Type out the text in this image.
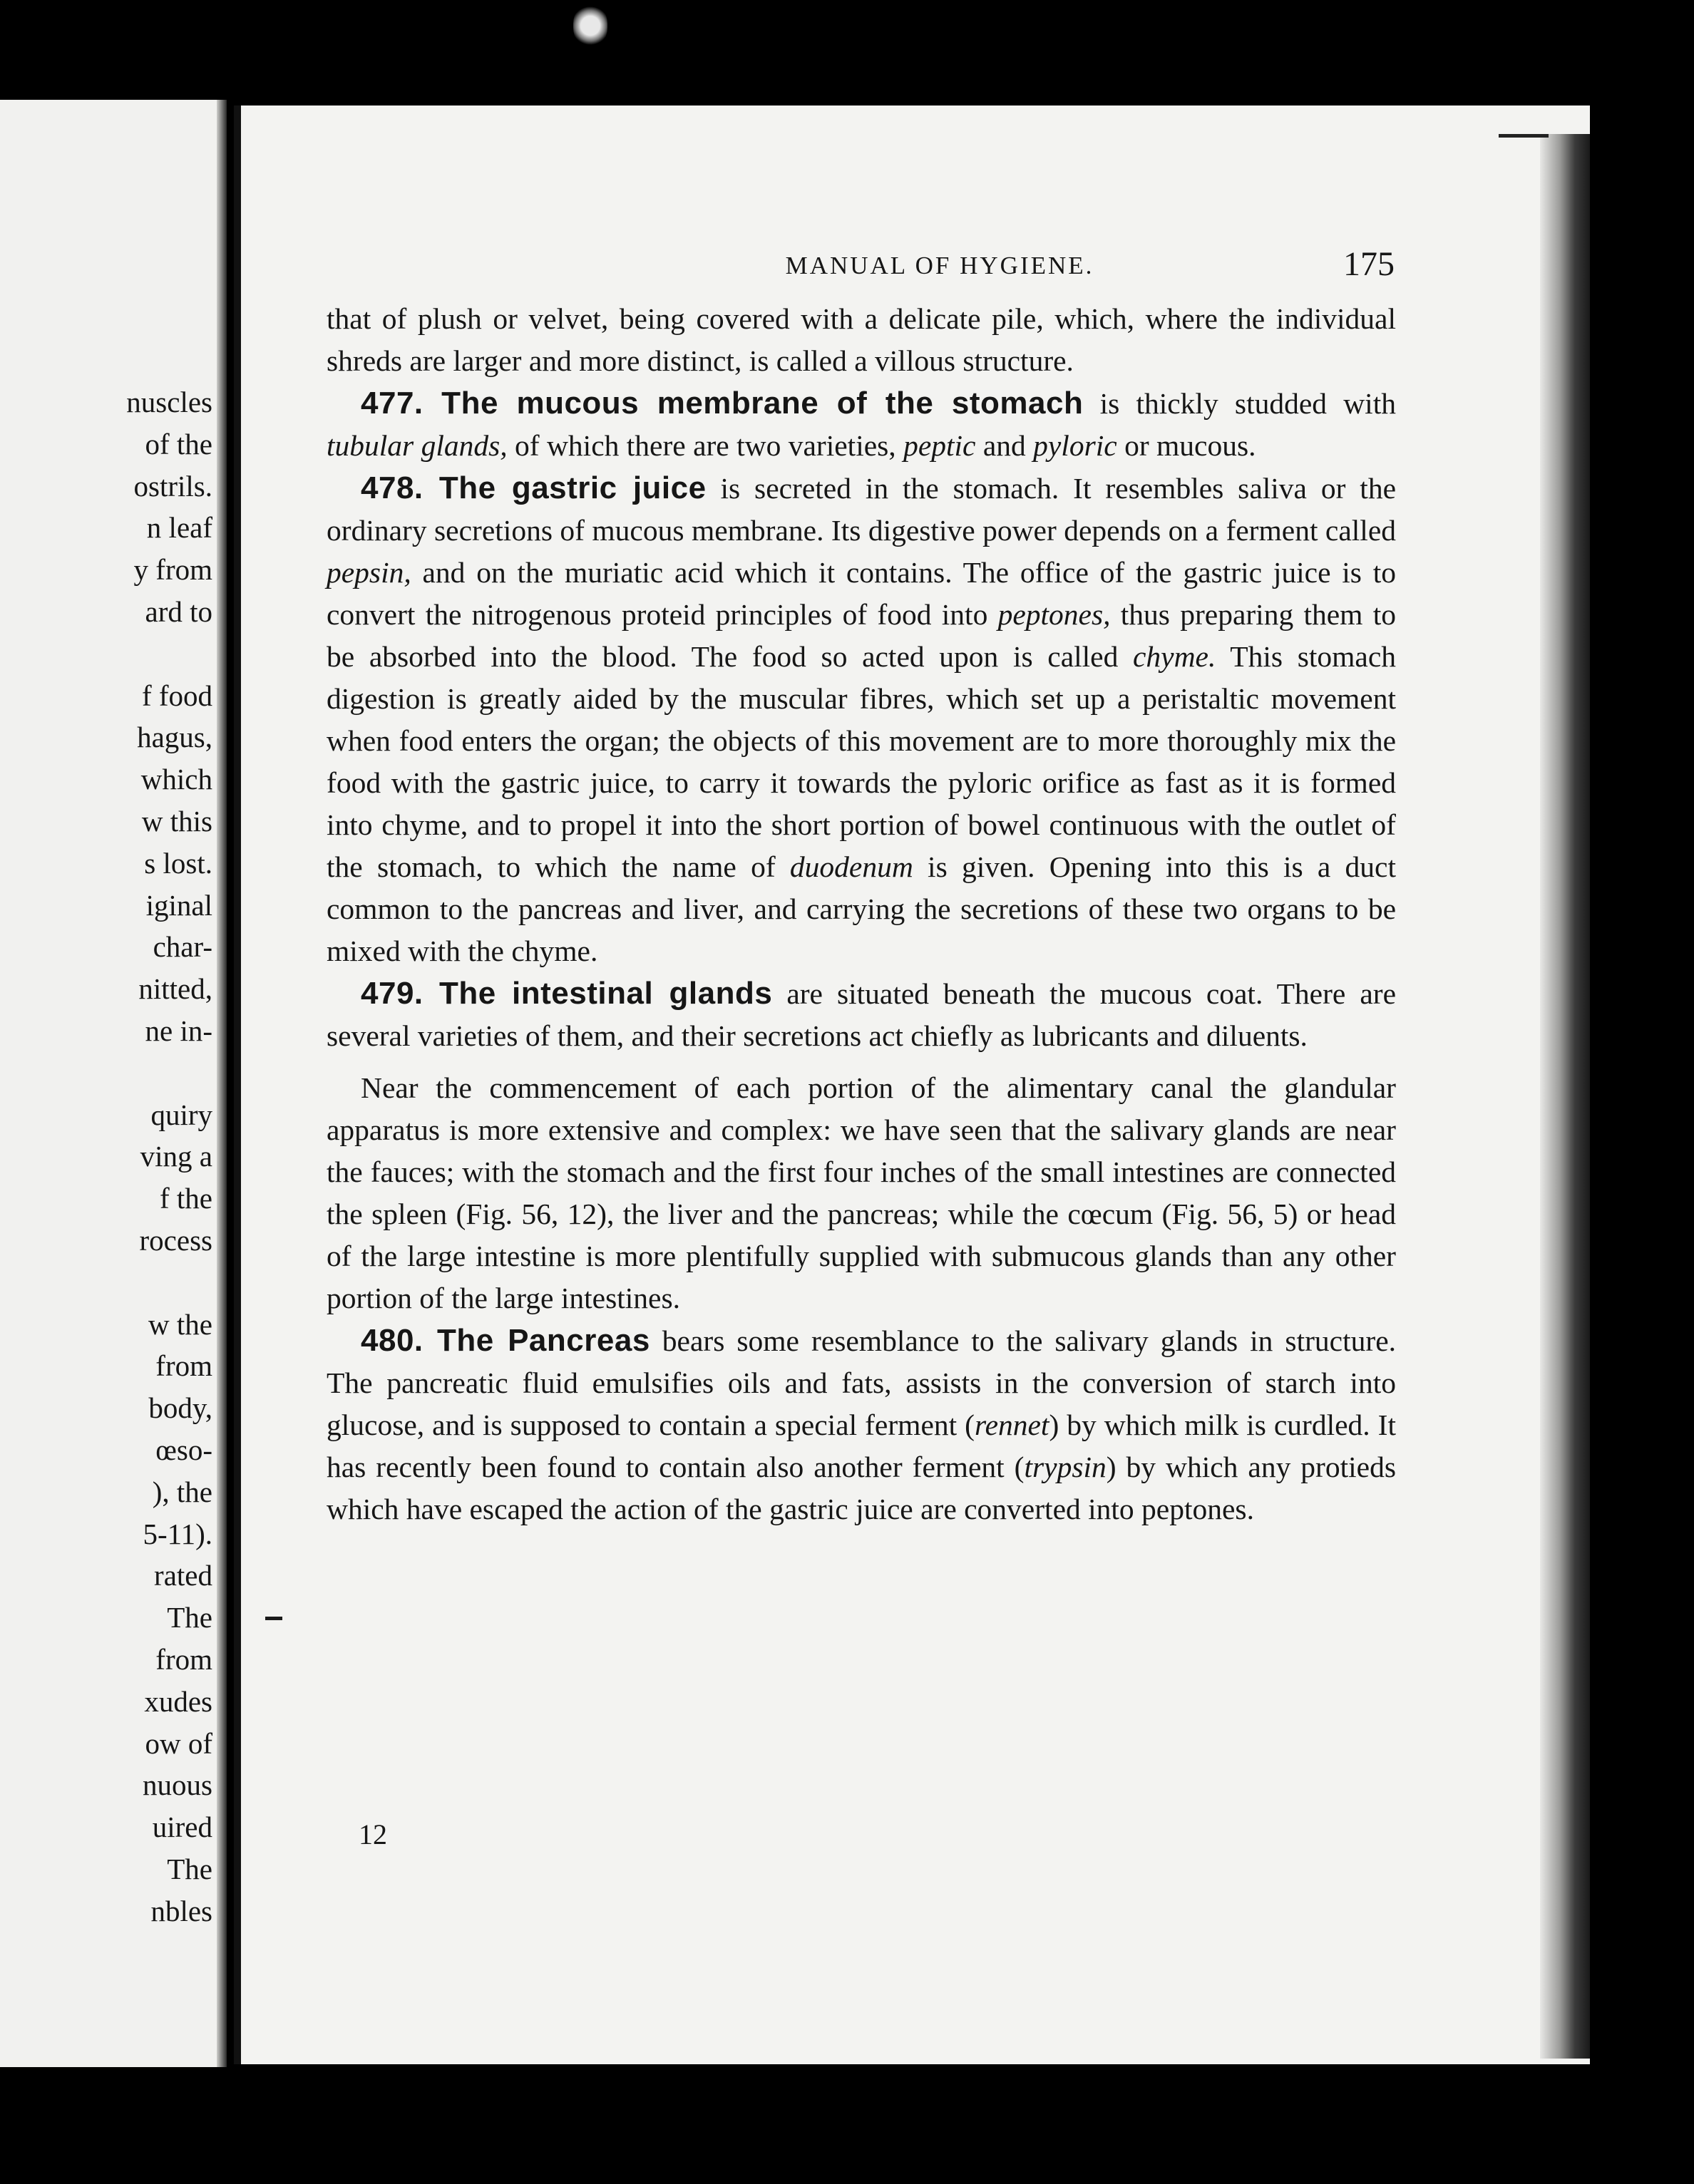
nuscles
of the
ostrils.
n leaf
y from
ard to
f food
hagus,
which
w this
s lost.
iginal
char-
nitted,
ne in-
quiry
ving a
f the
rocess
w the
from
body,
œso-
), the
5-11).
rated
The
from
xudes
ow of
nuous
uired
The
nbles
MANUAL OF HYGIENE.	175

that of plush or velvet, being covered with a delicate pile, which, where the individual shreds are larger and more distinct, is called a villous structure.

477. The mucous membrane of the stomach is thickly studded with tubular glands, of which there are two varieties, peptic and pyloric or mucous.

478. The gastric juice is secreted in the stomach. It resembles saliva or the ordinary secretions of mucous membrane. Its digestive power depends on a ferment called pepsin, and on the muriatic acid which it contains. The office of the gastric juice is to convert the nitrogenous proteid principles of food into peptones, thus preparing them to be absorbed into the blood. The food so acted upon is called chyme. This stomach digestion is greatly aided by the muscular fibres, which set up a peristaltic movement when food enters the organ; the objects of this movement are to more thoroughly mix the food with the gastric juice, to carry it towards the pyloric orifice as fast as it is formed into chyme, and to propel it into the short portion of bowel continuous with the outlet of the stomach, to which the name of duodenum is given. Opening into this is a duct common to the pancreas and liver, and carrying the secretions of these two organs to be mixed with the chyme.

479. The intestinal glands are situated beneath the mucous coat. There are several varieties of them, and their secretions act chiefly as lubricants and diluents.

Near the commencement of each portion of the alimentary canal the glandular apparatus is more extensive and complex: we have seen that the salivary glands are near the fauces; with the stomach and the first four inches of the small intestines are connected the spleen (Fig. 56, 12), the liver and the pancreas; while the cœcum (Fig. 56, 5) or head of the large intestine is more plentifully supplied with submucous glands than any other portion of the large intestines.

480. The Pancreas bears some resemblance to the salivary glands in structure. The pancreatic fluid emulsifies oils and fats, assists in the conversion of starch into glucose, and is supposed to contain a special ferment (rennet) by which milk is curdled. It has recently been found to contain also another ferment (trypsin) by which any protieds which have escaped the action of the gastric juice are converted into peptones.

12
